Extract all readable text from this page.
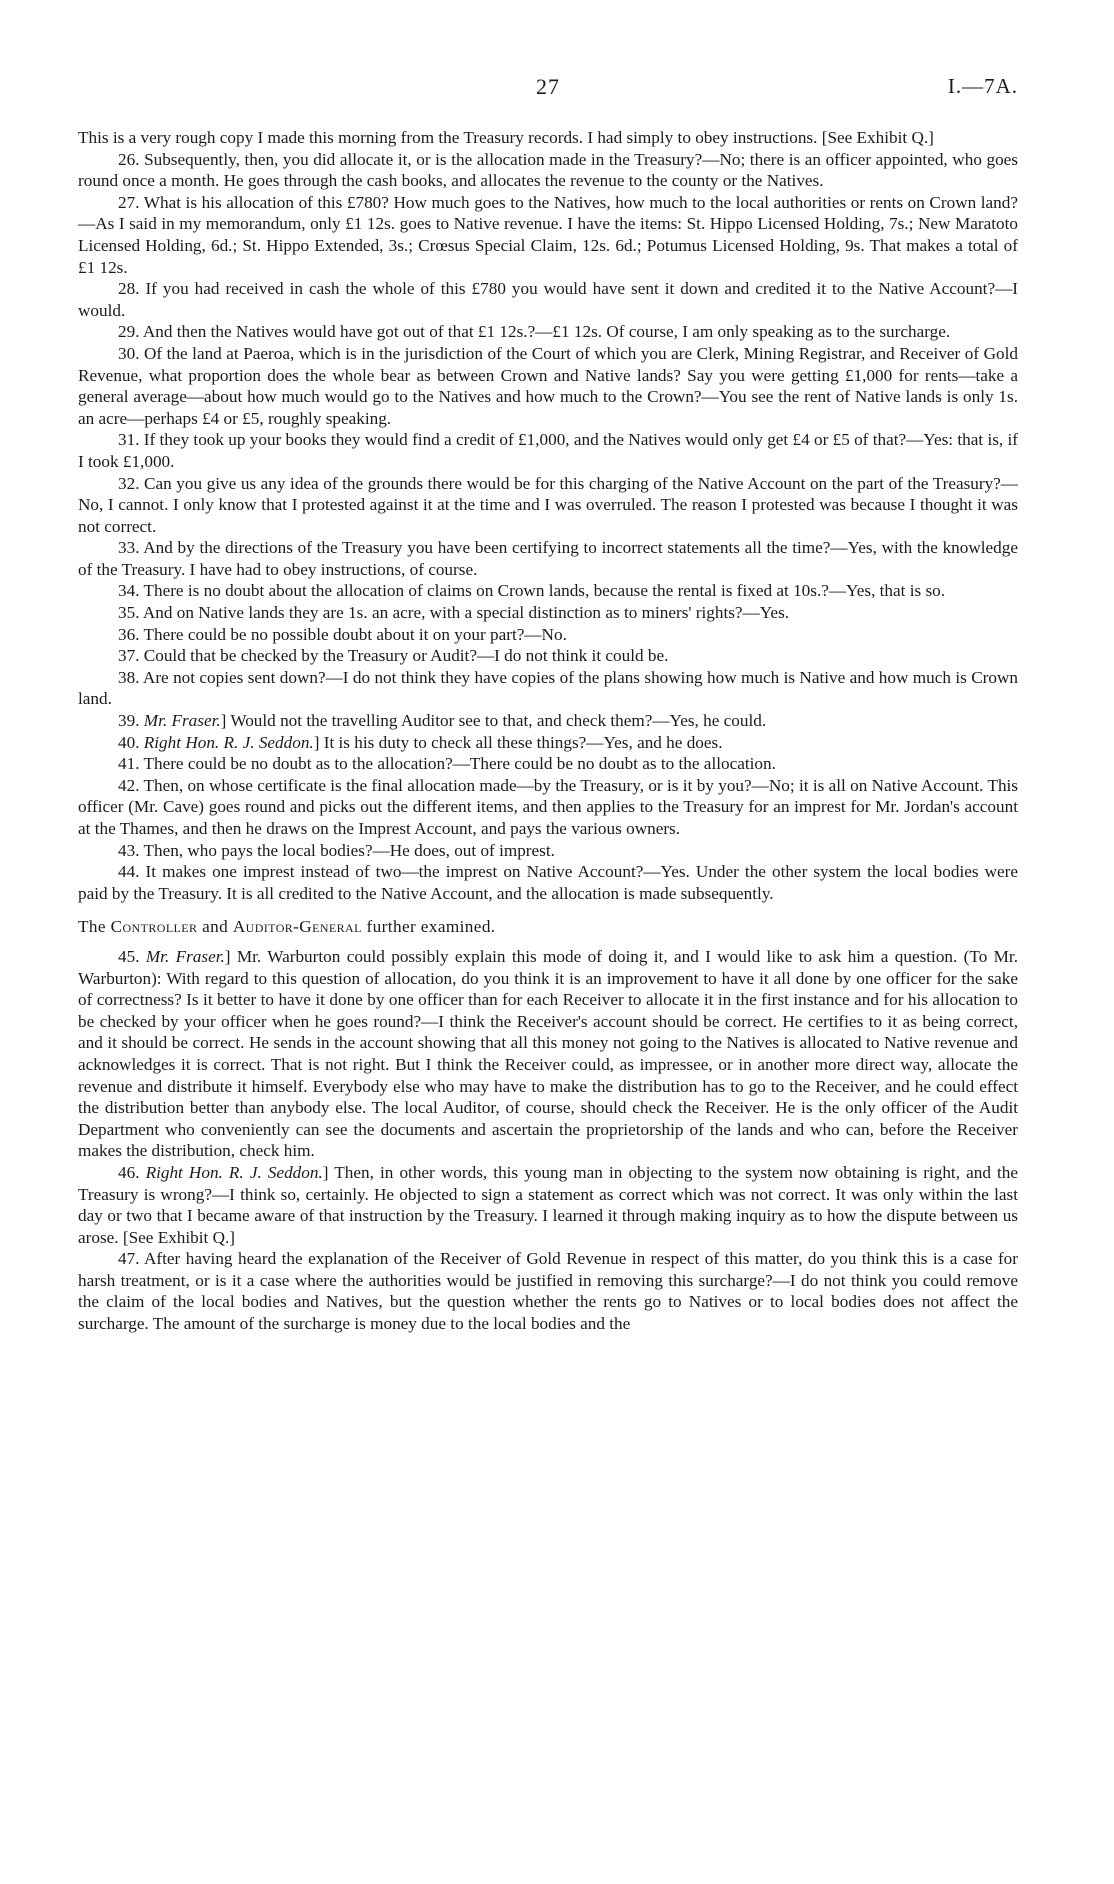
27	I.—7A.

This is a very rough copy I made this morning from the Treasury records. I had simply to obey instructions. [See Exhibit Q.]

26. Subsequently, then, you did allocate it, or is the allocation made in the Treasury?—No; there is an officer appointed, who goes round once a month. He goes through the cash books, and allocates the revenue to the county or the Natives.

27. What is his allocation of this £780? How much goes to the Natives, how much to the local authorities or rents on Crown land?—As I said in my memorandum, only £1 12s. goes to Native revenue. I have the items: St. Hippo Licensed Holding, 7s.; New Maratoto Licensed Holding, 6d.; St. Hippo Extended, 3s.; Crœsus Special Claim, 12s. 6d.; Potumus Licensed Holding, 9s. That makes a total of £1 12s.

28. If you had received in cash the whole of this £780 you would have sent it down and credited it to the Native Account?—I would.

29. And then the Natives would have got out of that £1 12s.?—£1 12s. Of course, I am only speaking as to the surcharge.

30. Of the land at Paeroa, which is in the jurisdiction of the Court of which you are Clerk, Mining Registrar, and Receiver of Gold Revenue, what proportion does the whole bear as between Crown and Native lands? Say you were getting £1,000 for rents—take a general average—about how much would go to the Natives and how much to the Crown?—You see the rent of Native lands is only 1s. an acre—perhaps £4 or £5, roughly speaking.

31. If they took up your books they would find a credit of £1,000, and the Natives would only get £4 or £5 of that?—Yes: that is, if I took £1,000.

32. Can you give us any idea of the grounds there would be for this charging of the Native Account on the part of the Treasury?—No, I cannot. I only know that I protested against it at the time and I was overruled. The reason I protested was because I thought it was not correct.

33. And by the directions of the Treasury you have been certifying to incorrect statements all the time?—Yes, with the knowledge of the Treasury. I have had to obey instructions, of course.

34. There is no doubt about the allocation of claims on Crown lands, because the rental is fixed at 10s.?—Yes, that is so.

35. And on Native lands they are 1s. an acre, with a special distinction as to miners' rights?—Yes.

36. There could be no possible doubt about it on your part?—No.

37. Could that be checked by the Treasury or Audit?—I do not think it could be.

38. Are not copies sent down?—I do not think they have copies of the plans showing how much is Native and how much is Crown land.

39. Mr. Fraser.] Would not the travelling Auditor see to that, and check them?—Yes, he could.

40. Right Hon. R. J. Seddon.] It is his duty to check all these things?—Yes, and he does.

41. There could be no doubt as to the allocation?—There could be no doubt as to the allocation.

42. Then, on whose certificate is the final allocation made—by the Treasury, or is it by you?—No; it is all on Native Account. This officer (Mr. Cave) goes round and picks out the different items, and then applies to the Treasury for an imprest for Mr. Jordan's account at the Thames, and then he draws on the Imprest Account, and pays the various owners.

43. Then, who pays the local bodies?—He does, out of imprest.

44. It makes one imprest instead of two—the imprest on Native Account?—Yes. Under the other system the local bodies were paid by the Treasury. It is all credited to the Native Account, and the allocation is made subsequently.

The Controller and Auditor-General further examined.

45. Mr. Fraser.] Mr. Warburton could possibly explain this mode of doing it, and I would like to ask him a question. (To Mr. Warburton): With regard to this question of allocation, do you think it is an improvement to have it all done by one officer for the sake of correctness? Is it better to have it done by one officer than for each Receiver to allocate it in the first instance and for his allocation to be checked by your officer when he goes round?—I think the Receiver's account should be correct. He certifies to it as being correct, and it should be correct. He sends in the account showing that all this money not going to the Natives is allocated to Native revenue and acknowledges it is correct. That is not right. But I think the Receiver could, as impressee, or in another more direct way, allocate the revenue and distribute it himself. Everybody else who may have to make the distribution has to go to the Receiver, and he could effect the distribution better than anybody else. The local Auditor, of course, should check the Receiver. He is the only officer of the Audit Department who conveniently can see the documents and ascertain the proprietorship of the lands and who can, before the Receiver makes the distribution, check him.

46. Right Hon. R. J. Seddon.] Then, in other words, this young man in objecting to the system now obtaining is right, and the Treasury is wrong?—I think so, certainly. He objected to sign a statement as correct which was not correct. It was only within the last day or two that I became aware of that instruction by the Treasury. I learned it through making inquiry as to how the dispute between us arose. [See Exhibit Q.]

47. After having heard the explanation of the Receiver of Gold Revenue in respect of this matter, do you think this is a case for harsh treatment, or is it a case where the authorities would be justified in removing this surcharge?—I do not think you could remove the claim of the local bodies and Natives, but the question whether the rents go to Natives or to local bodies does not affect the surcharge. The amount of the surcharge is money due to the local bodies and the
